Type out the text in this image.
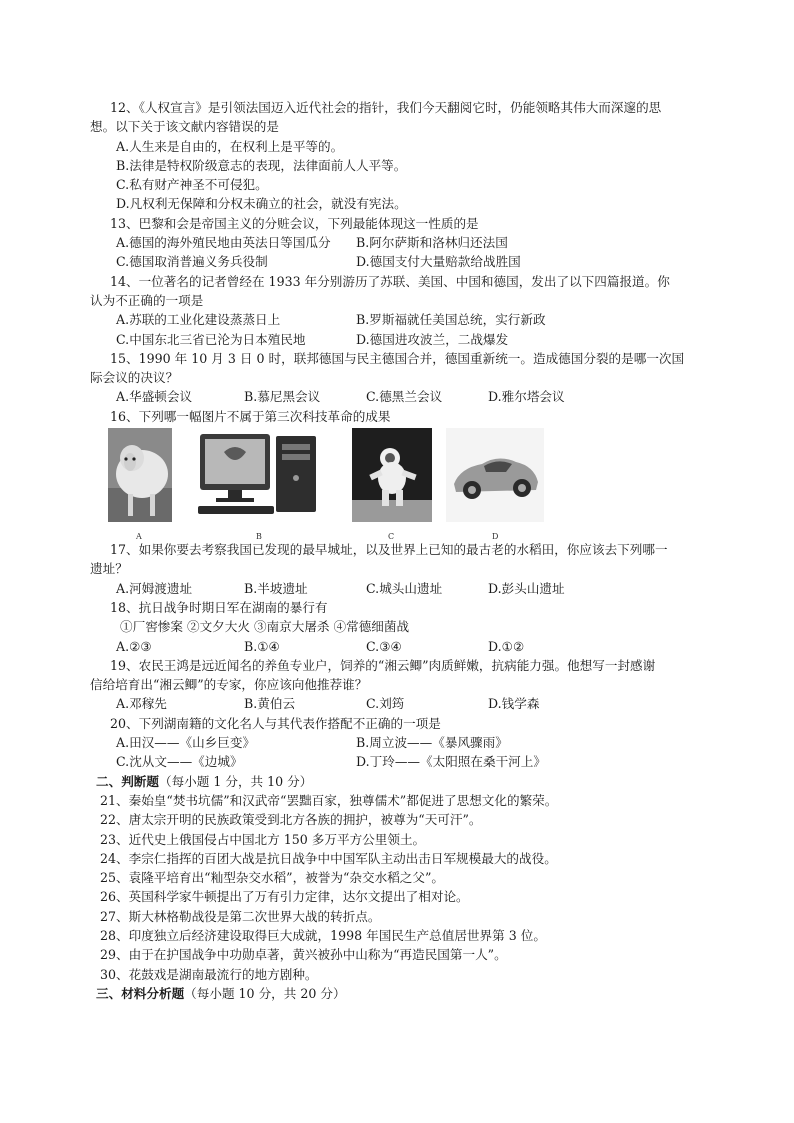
12、《人权宣言》是引领法国迈入近代社会的指针，我们今天翻阅它时，仍能领略其伟大而深邃的思
想。以下关于该文献内容错误的是
A.人生来是自由的，在权利上是平等的。
B.法律是特权阶级意志的表现，法律面前人人平等。
C.私有财产神圣不可侵犯。
D.凡权利无保障和分权未确立的社会，就没有宪法。
13、巴黎和会是帝国主义的分赃会议，下列最能体现这一性质的是
A.德国的海外殖民地由英法日等国瓜分	B.阿尔萨斯和洛林归还法国
C.德国取消普遍义务兵役制	D.德国支付大量赔款给战胜国
14、一位著名的记者曾经在 1933 年分别游历了苏联、美国、中国和德国，发出了以下四篇报道。你
认为不正确的一项是
A.苏联的工业化建设蒸蒸日上	B.罗斯福就任美国总统，实行新政
C.中国东北三省已沦为日本殖民地	D.德国进攻波兰，二战爆发
15、1990 年 10 月 3 日 0 时，联邦德国与民主德国合并，德国重新统一。造成德国分裂的是哪一次国
际会议的决议？
A.华盛顿会议	B.慕尼黑会议	C.德黑兰会议	D.雅尔塔会议
16、下列哪一幅图片不属于第三次科技革命的成果
A	B	C	D
17、如果你要去考察我国已发现的最早城址，以及世界上已知的最古老的水稻田，你应该去下列哪一
遗址？
A.河姆渡遗址	B.半坡遗址	C.城头山遗址	D.彭头山遗址
18、抗日战争时期日军在湖南的暴行有
①厂窖惨案 ②文夕大火 ③南京大屠杀 ④常德细菌战
A.②③	B.①④	C.③④	D.①②
19、农民王鸿是远近闻名的养鱼专业户，饲养的“湘云鲫”肉质鲜嫩，抗病能力强。他想写一封感谢
信给培育出“湘云鲫”的专家，你应该向他推荐谁？
A.邓稼先	B.黄伯云	C.刘筠	D.钱学森
20、下列湖南籍的文化名人与其代表作搭配不正确的一项是
A.田汉——《山乡巨变》	B.周立波——《暴风骤雨》
C.沈从文——《边城》	D.丁玲——《太阳照在桑干河上》
二、判断题（每小题 1 分，共 10 分）
21、秦始皇“焚书坑儒”和汉武帝“罢黜百家，独尊儒术”都促进了思想文化的繁荣。
22、唐太宗开明的民族政策受到北方各族的拥护，被尊为“天可汗”。
23、近代史上俄国侵占中国北方 150 多万平方公里领土。
24、李宗仁指挥的百团大战是抗日战争中中国军队主动出击日军规模最大的战役。
25、袁隆平培育出“籼型杂交水稻”，被誉为“杂交水稻之父”。
26、英国科学家牛顿提出了万有引力定律，达尔文提出了相对论。
27、斯大林格勒战役是第二次世界大战的转折点。
28、印度独立后经济建设取得巨大成就，1998 年国民生产总值居世界第 3 位。
29、由于在护国战争中功勋卓著，黄兴被孙中山称为“再造民国第一人”。
30、花鼓戏是湖南最流行的地方剧种。
三、材料分析题（每小题 10 分，共 20 分）
